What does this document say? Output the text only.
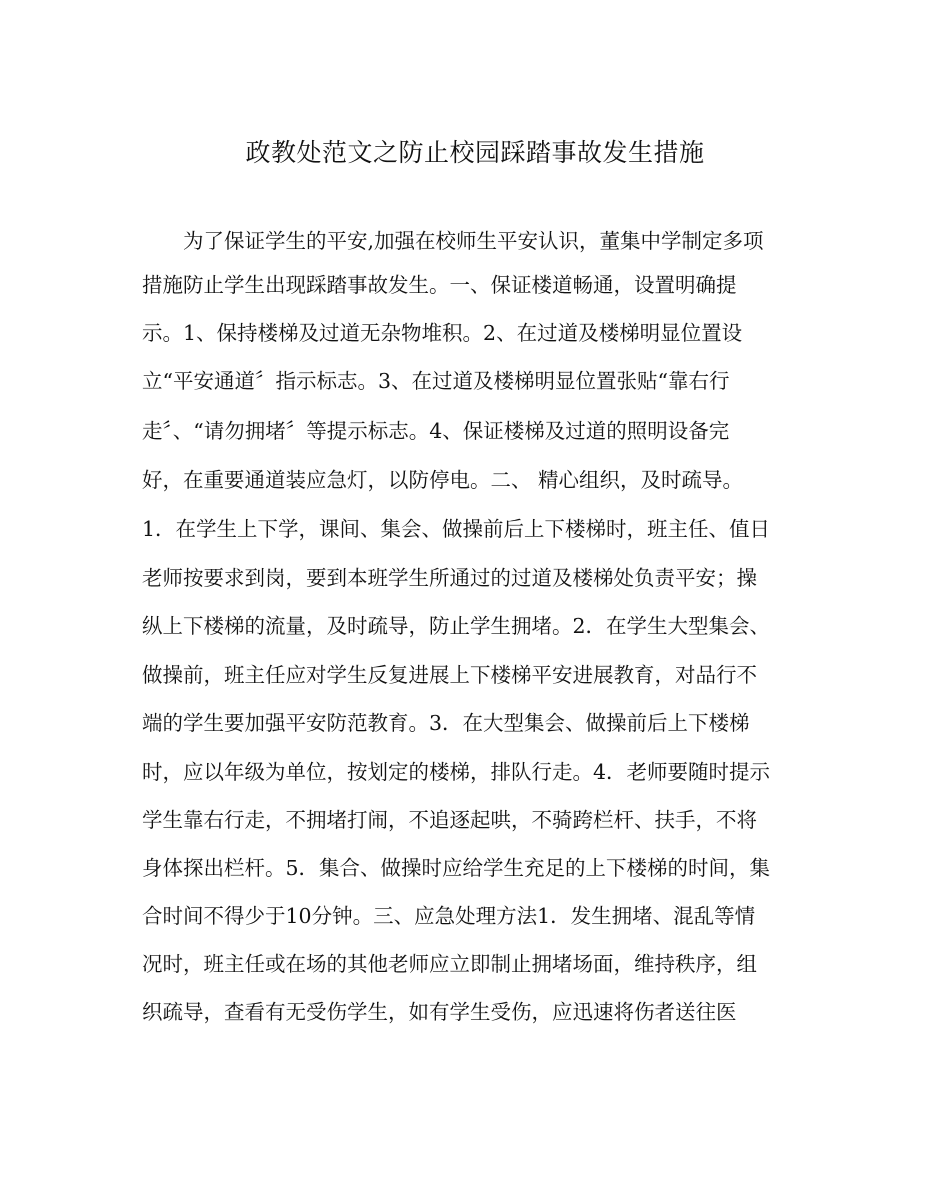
政教处范文之防止校园踩踏事故发生措施

　　为了保证学生的平安,加强在校师生平安认识，董集中学制定多项

措施防止学生出现踩踏事故发生。一、保证楼道畅通，设置明确提

示。1、保持楼梯及过道无杂物堆积。2、在过道及楼梯明显位置设

立“平安通道〞指示标志。3、在过道及楼梯明显位置张贴“靠右行

走〞、“请勿拥堵〞等提示标志。4、保证楼梯及过道的照明设备完

好，在重要通道装应急灯，以防停电。二、 精心组织，及时疏导。

1．在学生上下学，课间、集会、做操前后上下楼梯时，班主任、值日

老师按要求到岗，要到本班学生所通过的过道及楼梯处负责平安；操

纵上下楼梯的流量，及时疏导，防止学生拥堵。2．在学生大型集会、

做操前，班主任应对学生反复进展上下楼梯平安进展教育，对品行不

端的学生要加强平安防范教育。3．在大型集会、做操前后上下楼梯

时，应以年级为单位，按划定的楼梯，排队行走。4．老师要随时提示

学生靠右行走，不拥堵打闹，不追逐起哄，不骑跨栏杆、扶手，不将

身体探出栏杆。5．集合、做操时应给学生充足的上下楼梯的时间，集

合时间不得少于10分钟。三、应急处理方法1．发生拥堵、混乱等情

况时，班主任或在场的其他老师应立即制止拥堵场面，维持秩序，组

织疏导，查看有无受伤学生，如有学生受伤，应迅速将伤者送往医
